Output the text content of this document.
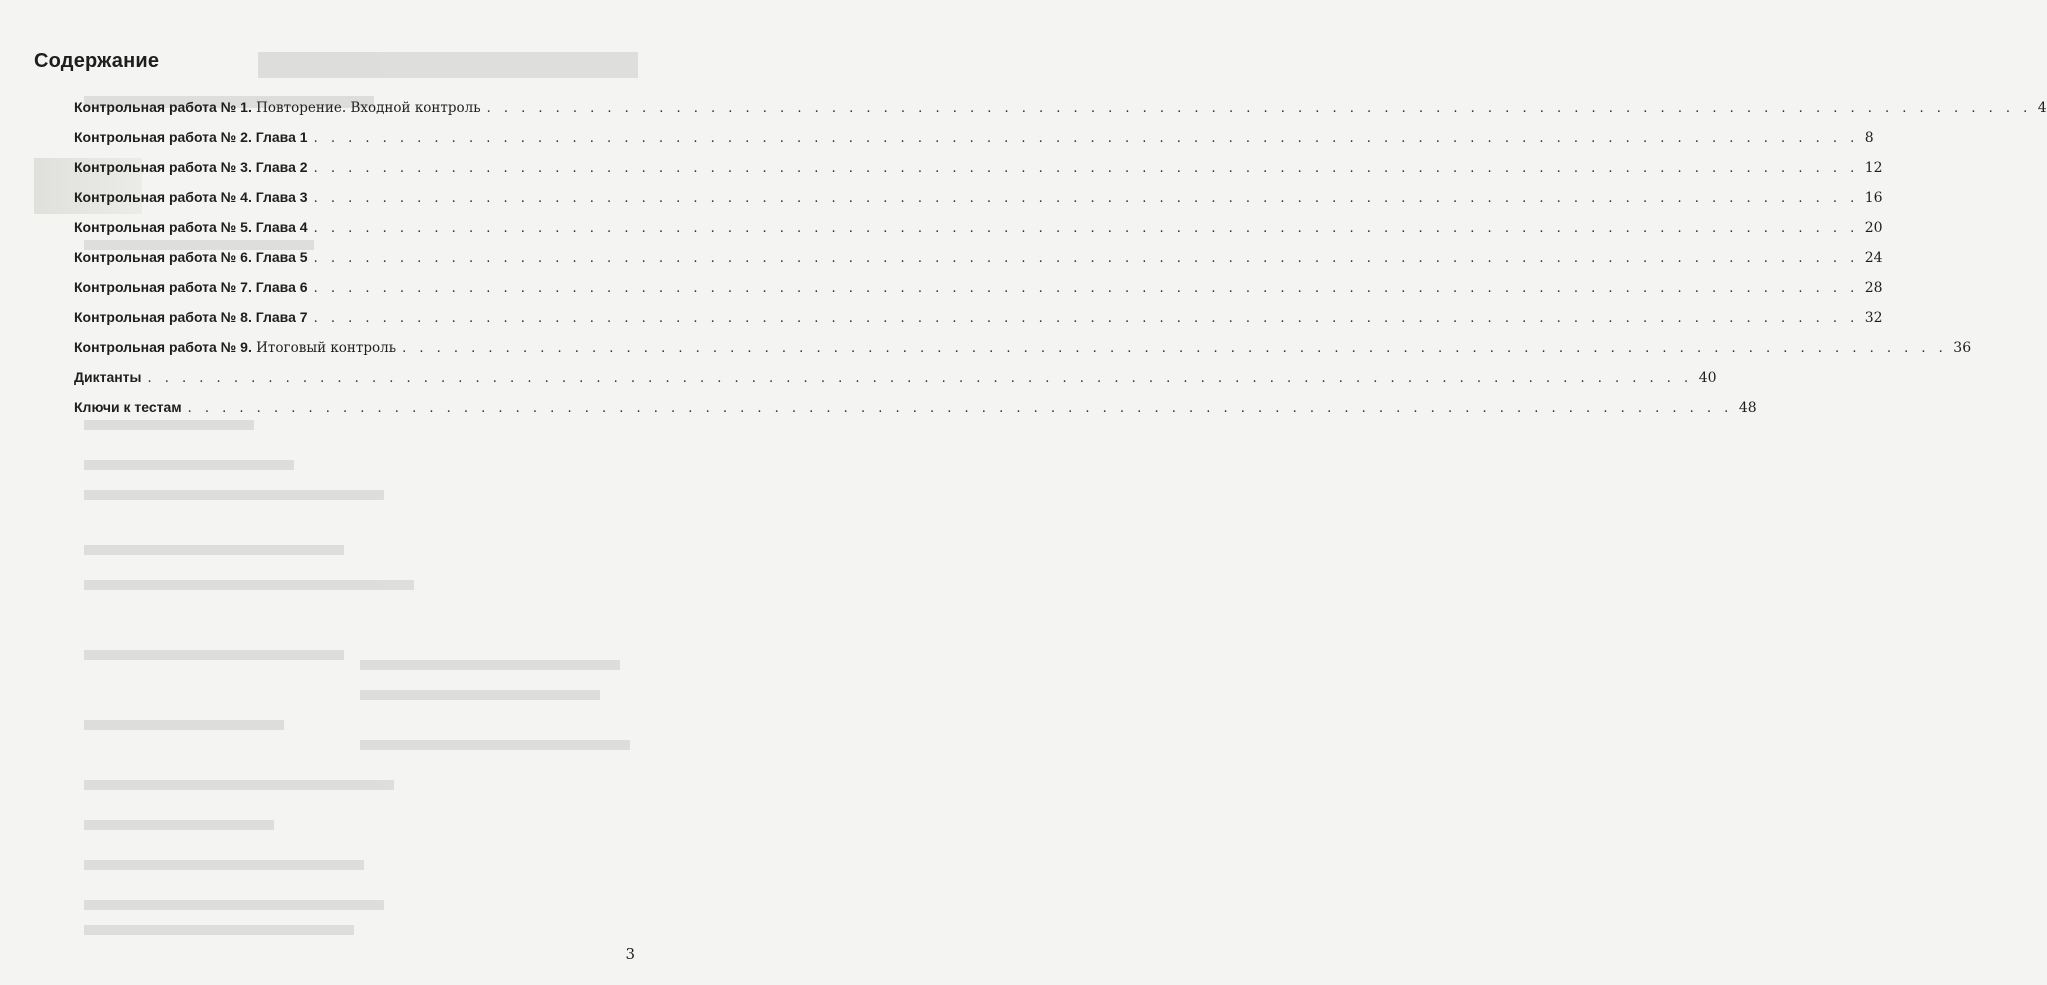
Содержание
Контрольная работа № 1. Повторение. Входной контроль . . . . . . . . . . . . . . . . . . . . . . . . . . . . . . . . . . . . . . . . . . . . . . . . . . . . . . . . . . . . . . . . . . . . . . . . . . . . . . . . . . . . . . . . . . 4
Контрольная работа № 2. Глава 1 . . . . . . . . . . . . . . . . . . . . . . . . . . . . . . . . . . . . . . . . . . . . . . . . . . . . . . . . . . . . . . . . . . . . . . . . . . . . . . . . . . . . . . . . . . 8
Контрольная работа № 3. Глава 2 . . . . . . . . . . . . . . . . . . . . . . . . . . . . . . . . . . . . . . . . . . . . . . . . . . . . . . . . . . . . . . . . . . . . . . . . . . . . . . . . . . . . . . . . . . 12
Контрольная работа № 4. Глава 3 . . . . . . . . . . . . . . . . . . . . . . . . . . . . . . . . . . . . . . . . . . . . . . . . . . . . . . . . . . . . . . . . . . . . . . . . . . . . . . . . . . . . . . . . . . 16
Контрольная работа № 5. Глава 4 . . . . . . . . . . . . . . . . . . . . . . . . . . . . . . . . . . . . . . . . . . . . . . . . . . . . . . . . . . . . . . . . . . . . . . . . . . . . . . . . . . . . . . . . . . 20
Контрольная работа № 6. Глава 5 . . . . . . . . . . . . . . . . . . . . . . . . . . . . . . . . . . . . . . . . . . . . . . . . . . . . . . . . . . . . . . . . . . . . . . . . . . . . . . . . . . . . . . . . . . 24
Контрольная работа № 7. Глава 6 . . . . . . . . . . . . . . . . . . . . . . . . . . . . . . . . . . . . . . . . . . . . . . . . . . . . . . . . . . . . . . . . . . . . . . . . . . . . . . . . . . . . . . . . . . 28
Контрольная работа № 8. Глава 7 . . . . . . . . . . . . . . . . . . . . . . . . . . . . . . . . . . . . . . . . . . . . . . . . . . . . . . . . . . . . . . . . . . . . . . . . . . . . . . . . . . . . . . . . . . 32
Контрольная работа № 9. Итоговый контроль . . . . . . . . . . . . . . . . . . . . . . . . . . . . . . . . . . . . . . . . . . . . . . . . . . . . . . . . . . . . . . . . . . . . . . . . . . . . . . . . . . . . . . . . . . 36
Диктанты . . . . . . . . . . . . . . . . . . . . . . . . . . . . . . . . . . . . . . . . . . . . . . . . . . . . . . . . . . . . . . . . . . . . . . . . . . . . . . . . . . . . . . . . . . 40
Ключи к тестам . . . . . . . . . . . . . . . . . . . . . . . . . . . . . . . . . . . . . . . . . . . . . . . . . . . . . . . . . . . . . . . . . . . . . . . . . . . . . . . . . . . . . . . . . . 48
3
